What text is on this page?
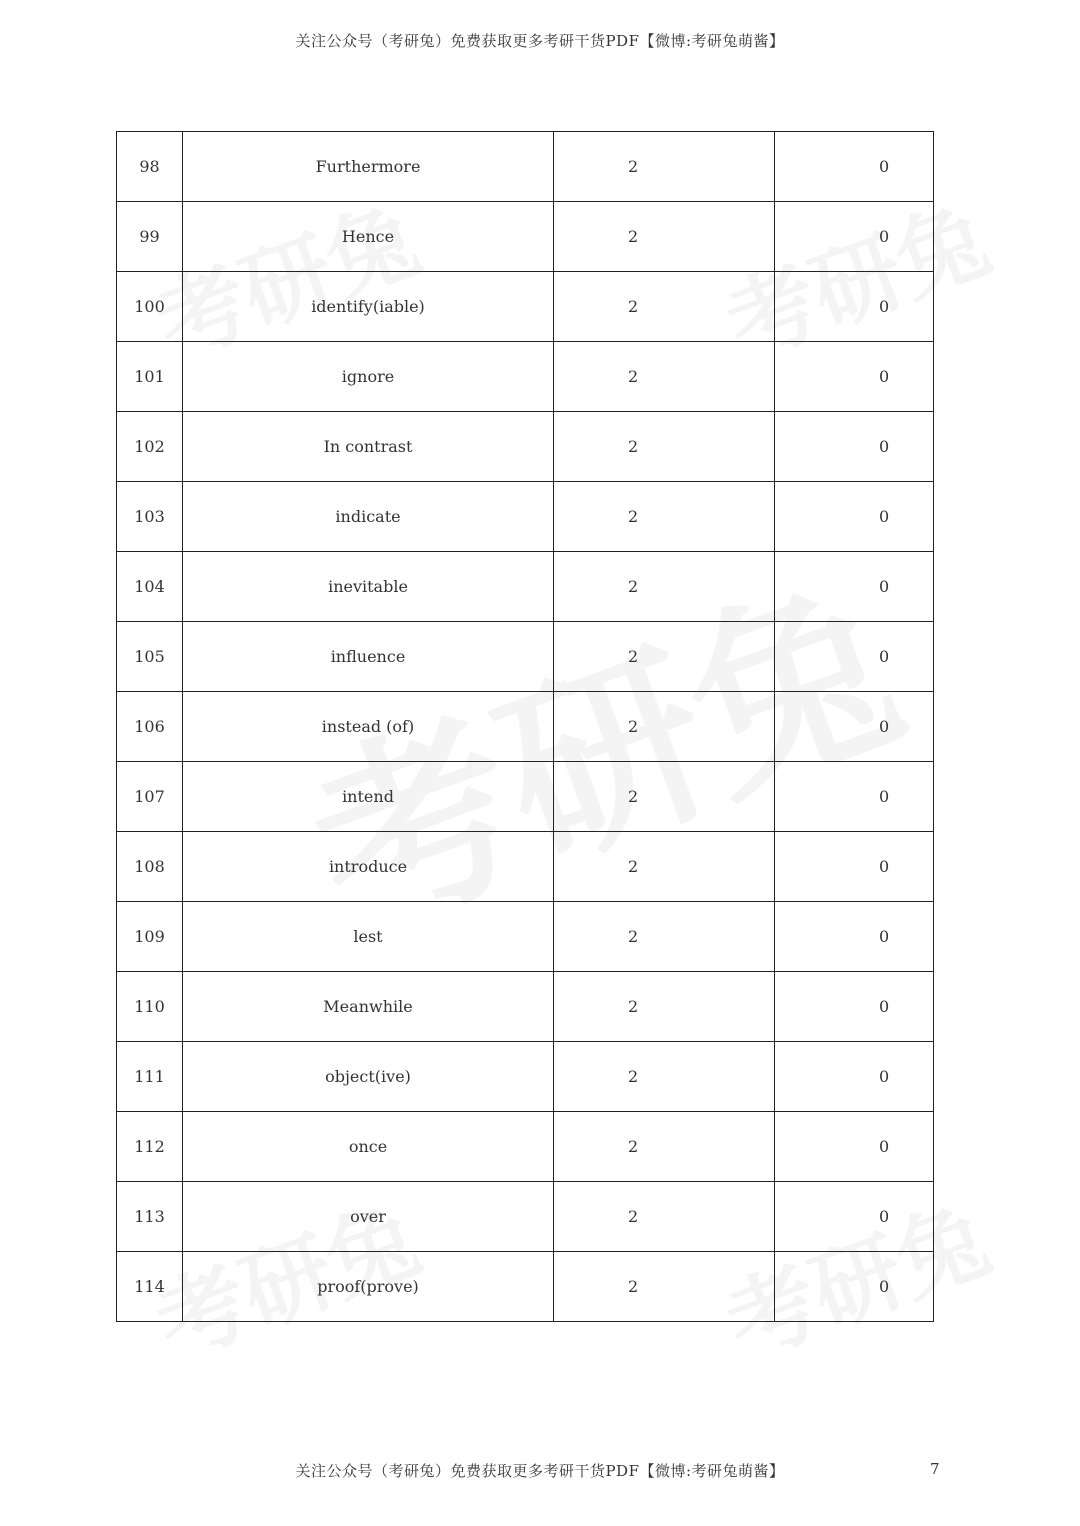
关注公众号（考研兔）免费获取更多考研干货PDF【微博:考研兔萌酱】
98	Furthermore	2	0
99	Hence	2	0
100	identify(iable)	2	0
101	ignore	2	0
102	In contrast	2	0
103	indicate	2	0
104	inevitable	2	0
105	influence	2	0
106	instead (of)	2	0
107	intend	2	0
108	introduce	2	0
109	lest	2	0
110	Meanwhile	2	0
111	object(ive)	2	0
112	once	2	0
113	over	2	0
114	proof(prove)	2	0
关注公众号（考研兔）免费获取更多考研干货PDF【微博:考研兔萌酱】	7
